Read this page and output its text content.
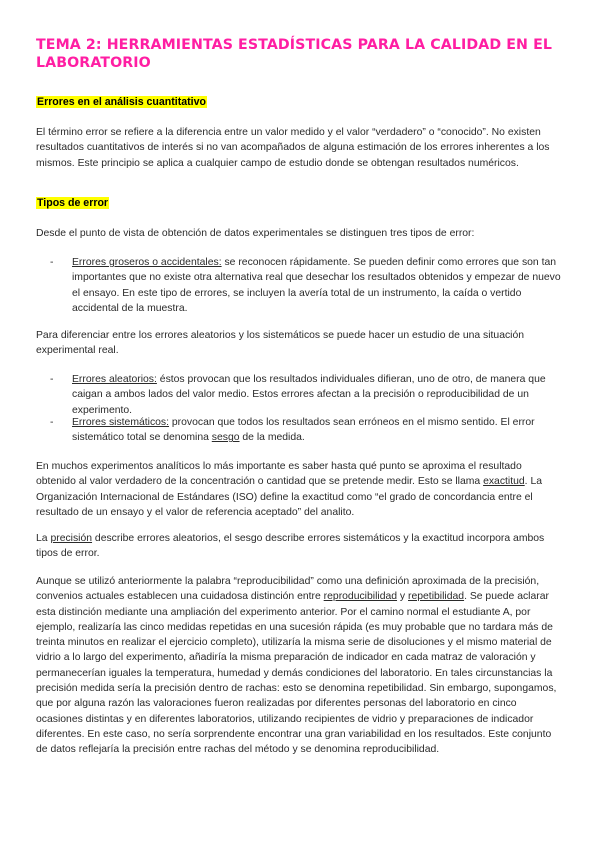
TEMA 2: HERRAMIENTAS ESTADÍSTICAS PARA LA CALIDAD EN EL LABORATORIO
Errores en el análisis cuantitativo

El término error se refiere a la diferencia entre un valor medido y el valor “verdadero” o “conocido”. No existen resultados cuantitativos de interés si no van acompañados de alguna estimación de los errores inherentes a los mismos. Este principio se aplica a cualquier campo de estudio donde se obtengan resultados numéricos.

Tipos de error

Desde el punto de vista de obtención de datos experimentales se distinguen tres tipos de error:

- Errores groseros o accidentales: se reconocen rápidamente. Se pueden definir como errores que son tan importantes que no existe otra alternativa real que desechar los resultados obtenidos y empezar de nuevo el ensayo. En este tipo de errores, se incluyen la avería total de un instrumento, la caída o vertido accidental de la muestra.

Para diferenciar entre los errores aleatorios y los sistemáticos se puede hacer un estudio de una situación experimental real.

- Errores aleatorios: éstos provocan que los resultados individuales difieran, uno de otro, de manera que caigan a ambos lados del valor medio. Estos errores afectan a la precisión o reproducibilidad de un experimento.
- Errores sistemáticos: provocan que todos los resultados sean erróneos en el mismo sentido. El error sistemático total se denomina sesgo de la medida.

En muchos experimentos analíticos lo más importante es saber hasta qué punto se aproxima el resultado obtenido al valor verdadero de la concentración o cantidad que se pretende medir. Esto se llama exactitud. La Organización Internacional de Estándares (ISO) define la exactitud como “el grado de concordancia entre el resultado de un ensayo y el valor de referencia aceptado” del analito.

La precisión describe errores aleatorios, el sesgo describe errores sistemáticos y la exactitud incorpora ambos tipos de error.

Aunque se utilizó anteriormente la palabra “reproducibilidad” como una definición aproximada de la precisión, convenios actuales establecen una cuidadosa distinción entre reproducibilidad y repetibilidad. Se puede aclarar esta distinción mediante una ampliación del experimento anterior. Por el camino normal el estudiante A, por ejemplo, realizaría las cinco medidas repetidas en una sucesión rápida (es muy probable que no tardara más de treinta minutos en realizar el ejercicio completo), utilizaría la misma serie de disoluciones y el mismo material de vidrio a lo largo del experimento, añadiría la misma preparación de indicador en cada matraz de valoración y permanecerían iguales la temperatura, humedad y demás condiciones del laboratorio. En tales circunstancias la precisión medida sería la precisión dentro de rachas: esto se denomina repetibilidad. Sin embargo, supongamos, que por alguna razón las valoraciones fueron realizadas por diferentes personas del laboratorio en cinco ocasiones distintas y en diferentes laboratorios, utilizando recipientes de vidrio y preparaciones de indicador diferentes. En este caso, no sería sorprendente encontrar una gran variabilidad en los resultados. Este conjunto de datos reflejaría la precisión entre rachas del método y se denomina reproducibilidad.
